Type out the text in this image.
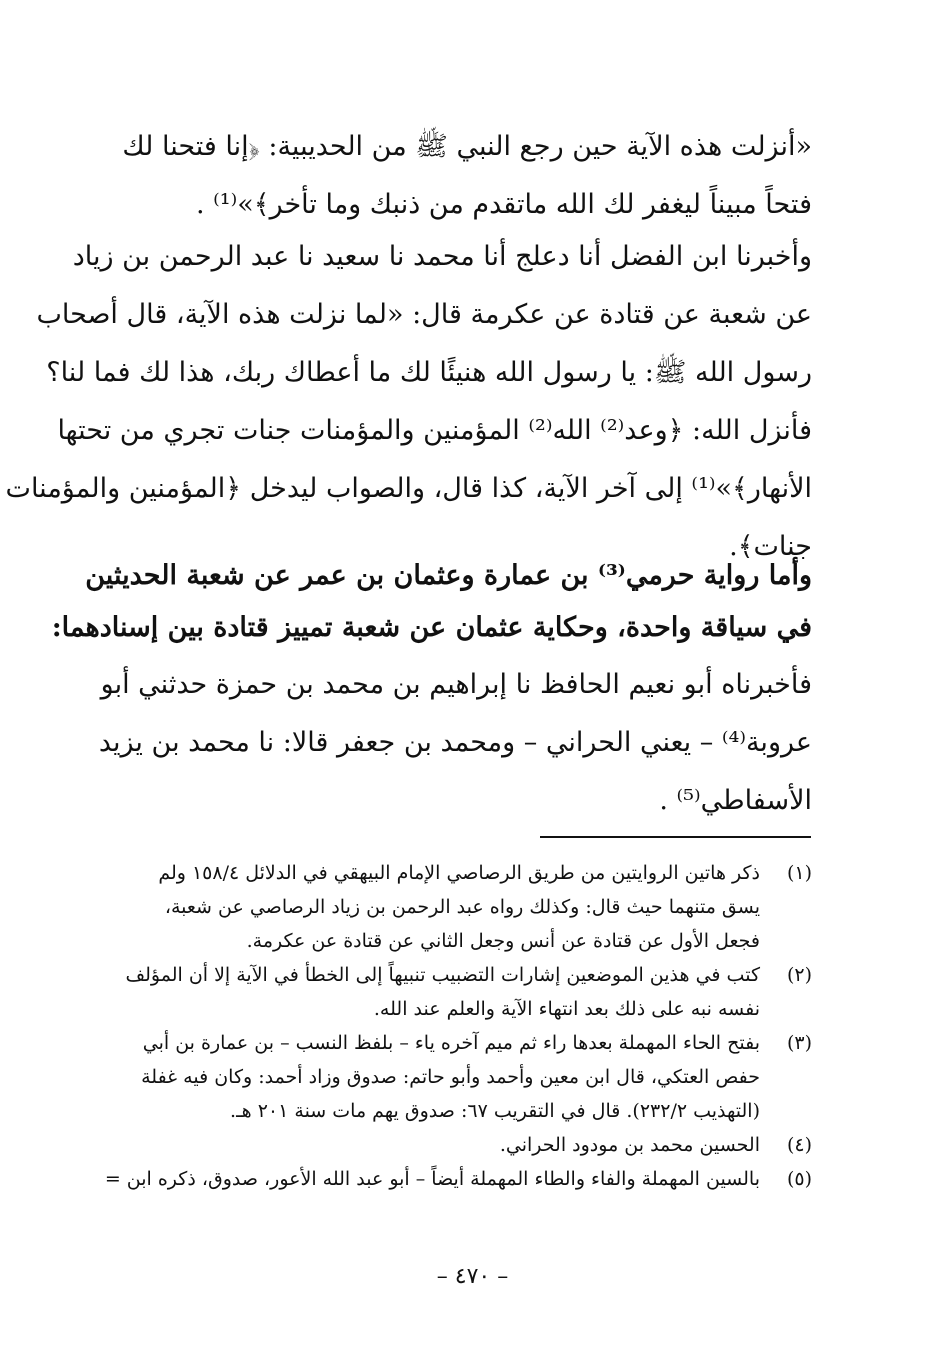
«أنزلت هذه الآية حين رجع النبي ﷺ من الحديبية: ﴿إنا فتحنا لك
فتحاً مبيناً ليغفر لك الله ماتقدم من ذنبك وما تأخر﴾»⁽¹⁾ .
وأخبرنا ابن الفضل أنا دعلج أنا محمد نا سعيد نا عبد الرحمن بن زياد
عن شعبة عن قتادة عن عكرمة قال: «لما نزلت هذه الآية، قال أصحاب
رسول الله ﷺ: يا رسول الله هنيئًا لك ما أعطاك ربك، هذا لك فما لنا؟
فأنزل الله: ﴿وعد⁽²⁾ الله⁽²⁾ المؤمنين والمؤمنات جنات تجري من تحتها
الأنهار﴾»⁽¹⁾ إلى آخر الآية، كذا قال، والصواب ليدخل ﴿المؤمنين والمؤمنات
جنات﴾.
وأما رواية حرمي⁽³⁾ بن عمارة وعثمان بن عمر عن شعبة الحديثين
في سياقة واحدة، وحكاية عثمان عن شعبة تمييز قتادة بين إسنادهما:
فأخبرناه أبو نعيم الحافظ نا إبراهيم بن محمد بن حمزة حدثني أبو
عروبة⁽⁴⁾ – يعني الحراني – ومحمد بن جعفر قالا: نا محمد بن يزيد
الأسفاطي⁽⁵⁾ .
(١)
ذكر هاتين الروايتين من طريق الرصاصي الإمام البيهقي في الدلائل ١٥٨/٤ ولم
يسق متنهما حيث قال: وكذلك رواه عبد الرحمن بن زياد الرصاصي عن شعبة،
فجعل الأول عن قتادة عن أنس وجعل الثاني عن قتادة عن عكرمة.
(٢)
كتب في هذين الموضعين إشارات التضبيب تنبيهاً إلى الخطأ في الآية إلا أن المؤلف
نفسه نبه على ذلك بعد انتهاء الآية والعلم عند الله.
(٣)
بفتح الحاء المهملة بعدها راء ثم ميم آخره ياء – بلفظ النسب – بن عمارة بن أبي
حفص العتكي، قال ابن معين وأحمد وأبو حاتم: صدوق وزاد أحمد: وكان فيه غفلة
(التهذيب ٢٣٢/٢). قال في التقريب ٦٧: صدوق يهم مات سنة ٢٠١ هـ.
(٤)
الحسين محمد بن مودود الحراني.
(٥)
بالسين المهملة والفاء والطاء المهملة أيضاً – أبو عبد الله الأعور، صدوق، ذكره ابن =
– ٤٧٠ –
